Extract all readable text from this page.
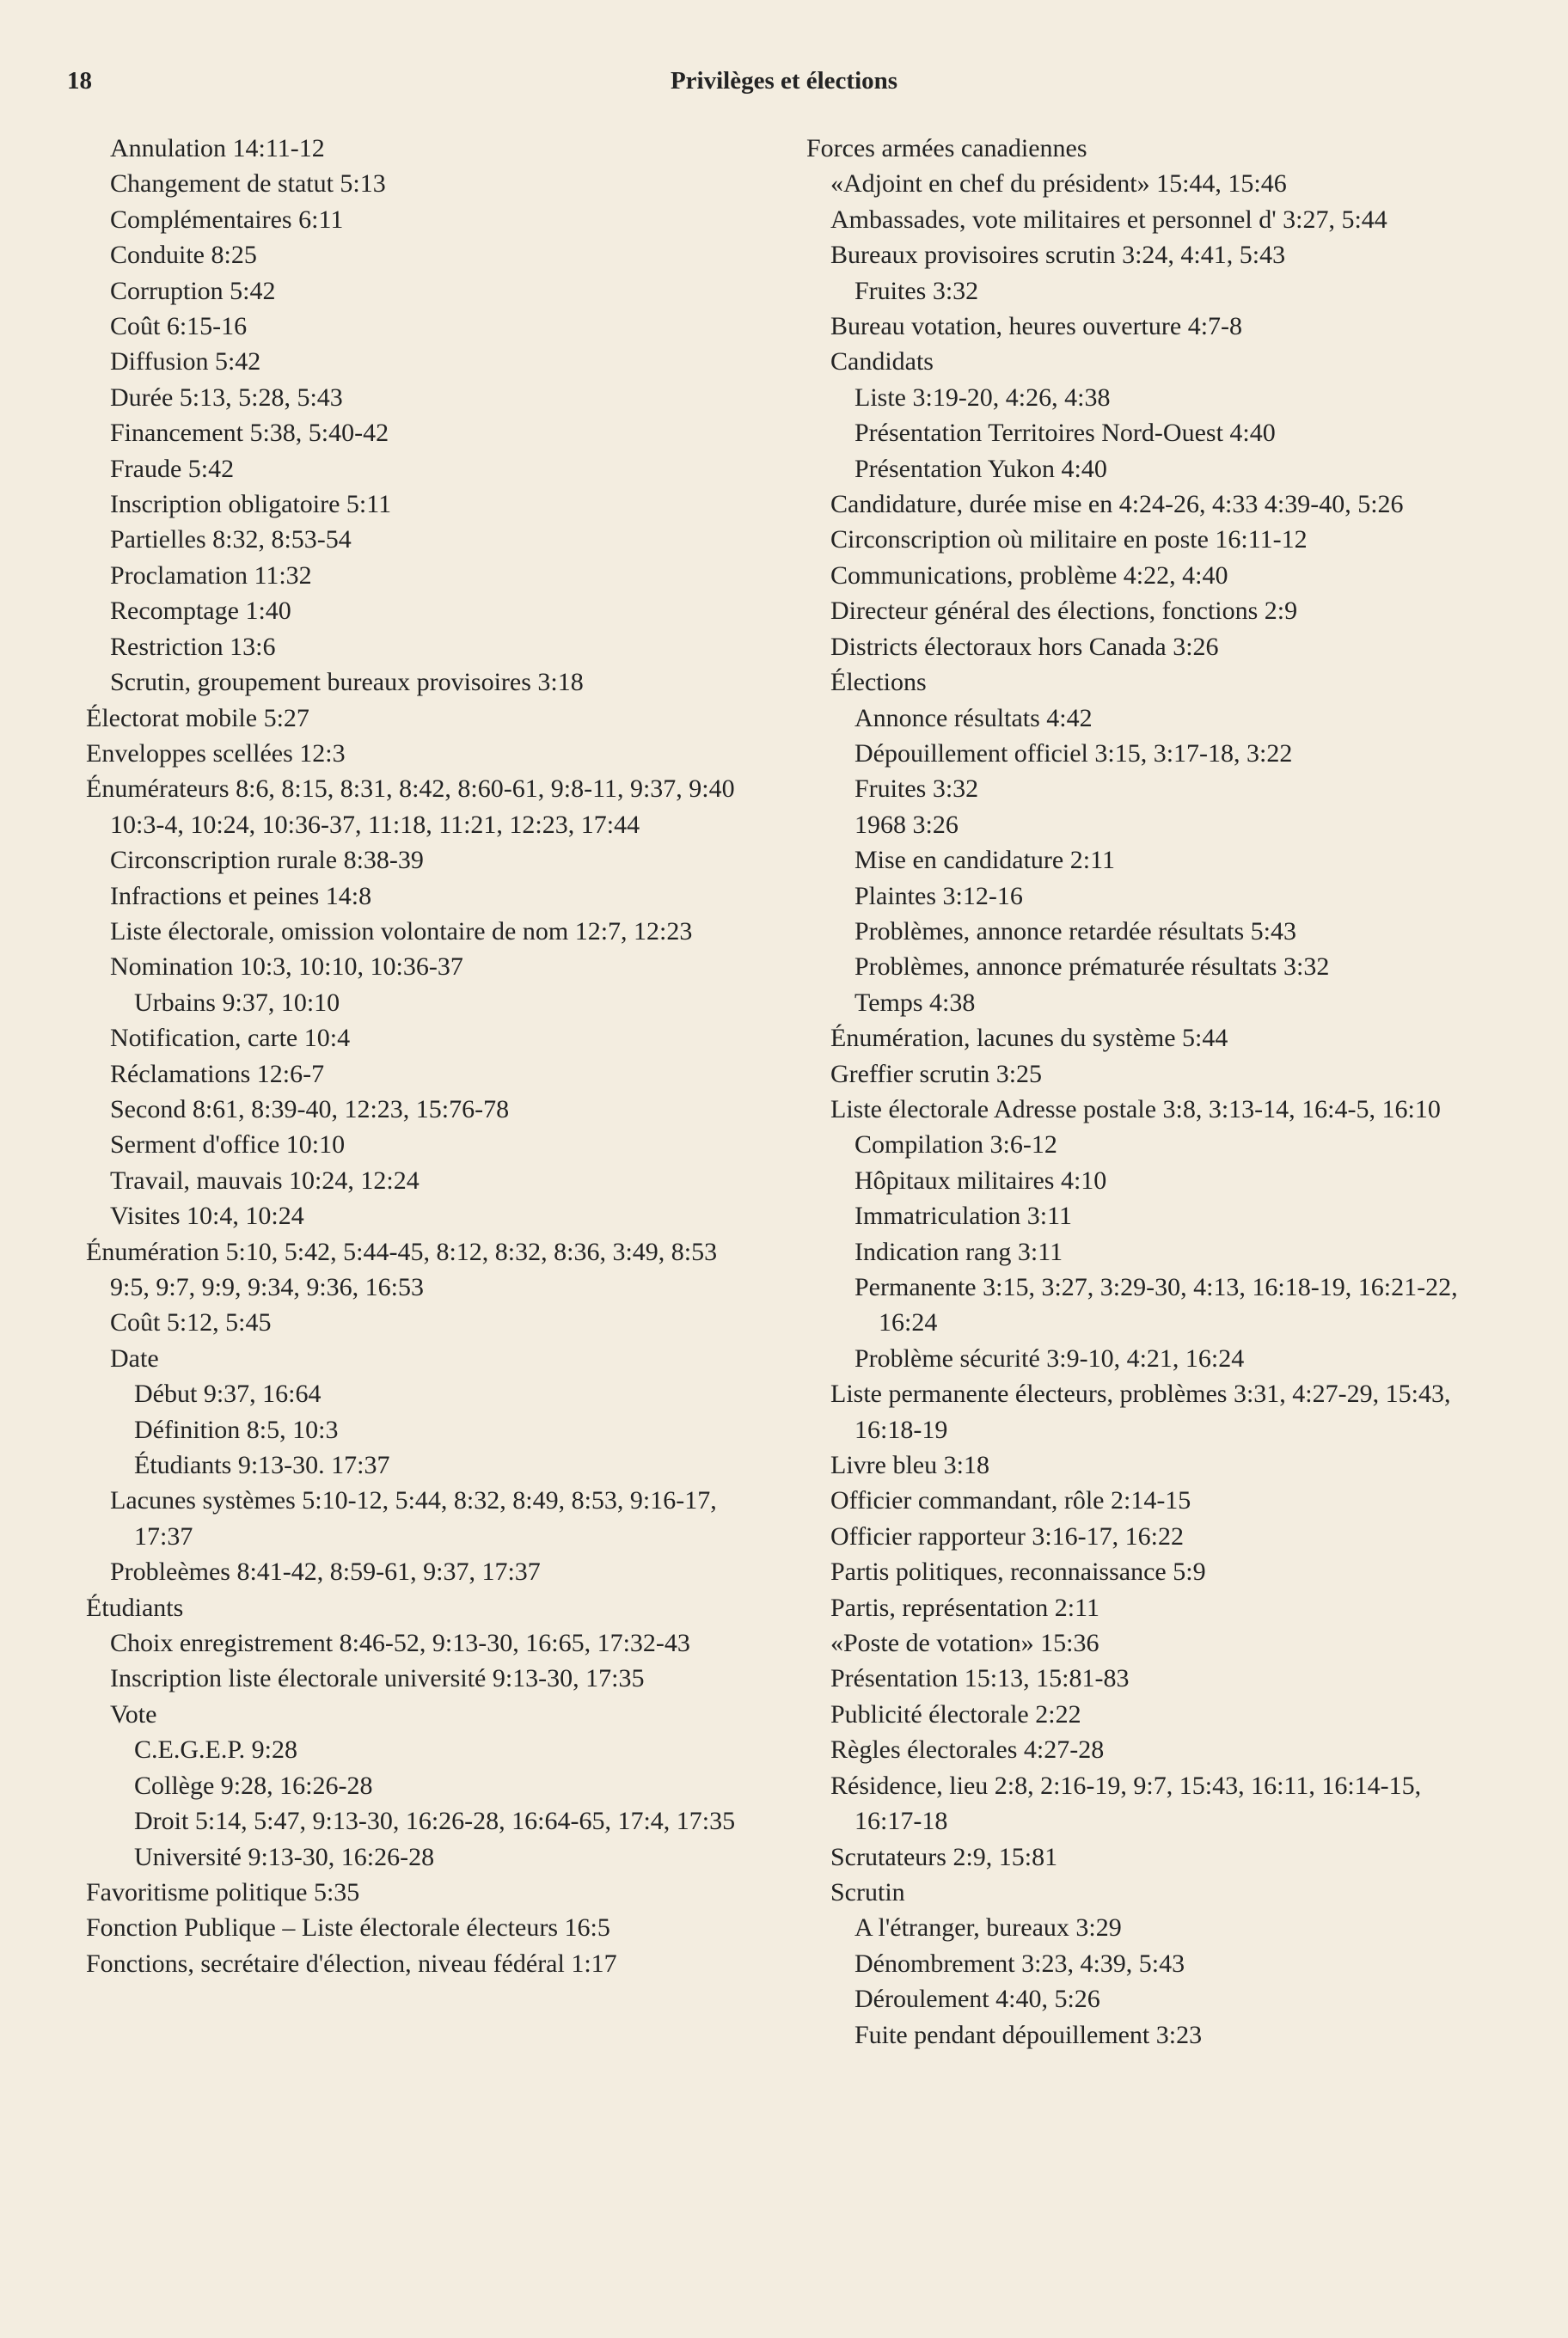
18	Privilèges et élections
Annulation 14:11-12
Changement de statut 5:13
Complémentaires 6:11
Conduite 8:25
Corruption 5:42
Coût 6:15-16
Diffusion 5:42
Durée 5:13, 5:28, 5:43
Financement 5:38, 5:40-42
Fraude 5:42
Inscription obligatoire 5:11
Partielles 8:32, 8:53-54
Proclamation 11:32
Recomptage 1:40
Restriction 13:6
Scrutin, groupement bureaux provisoires 3:18
Électorat mobile 5:27
Enveloppes scellées 12:3
Énumérateurs 8:6, 8:15, 8:31, 8:42, 8:60-61, 9:8-11, 9:37, 9:40 10:3-4, 10:24, 10:36-37, 11:18, 11:21, 12:23, 17:44
Circonscription rurale 8:38-39
Infractions et peines 14:8
Liste électorale, omission volontaire de nom 12:7, 12:23
Nomination 10:3, 10:10, 10:36-37
Urbains 9:37, 10:10
Notification, carte 10:4
Réclamations 12:6-7
Second 8:61, 8:39-40, 12:23, 15:76-78
Serment d'office 10:10
Travail, mauvais 10:24, 12:24
Visites 10:4, 10:24
Énumération 5:10, 5:42, 5:44-45, 8:12, 8:32, 8:36, 3:49, 8:53 9:5, 9:7, 9:9, 9:34, 9:36, 16:53
Coût 5:12, 5:45
Date
Début 9:37, 16:64
Définition 8:5, 10:3
Étudiants 9:13-30. 17:37
Lacunes systèmes 5:10-12, 5:44, 8:32, 8:49, 8:53, 9:16-17, 17:37
Probleèmes 8:41-42, 8:59-61, 9:37, 17:37
Étudiants
Choix enregistrement 8:46-52, 9:13-30, 16:65, 17:32-43
Inscription liste électorale université 9:13-30, 17:35
Vote
C.E.G.E.P. 9:28
Collège 9:28, 16:26-28
Droit 5:14, 5:47, 9:13-30, 16:26-28, 16:64-65, 17:4, 17:35
Université 9:13-30, 16:26-28
Favoritisme politique 5:35
Fonction Publique – Liste électorale électeurs 16:5
Fonctions, secrétaire d'élection, niveau fédéral 1:17
Forces armées canadiennes
«Adjoint en chef du président» 15:44, 15:46
Ambassades, vote militaires et personnel d' 3:27, 5:44
Bureaux provisoires scrutin 3:24, 4:41, 5:43
Fruites 3:32
Bureau votation, heures ouverture 4:7-8
Candidats
Liste 3:19-20, 4:26, 4:38
Présentation Territoires Nord-Ouest 4:40
Présentation Yukon 4:40
Candidature, durée mise en 4:24-26, 4:33 4:39-40, 5:26
Circonscription où militaire en poste 16:11-12
Communications, problème 4:22, 4:40
Directeur général des élections, fonctions 2:9
Districts électoraux hors Canada 3:26
Élections
Annonce résultats 4:42
Dépouillement officiel 3:15, 3:17-18, 3:22
Fruites 3:32
1968 3:26
Mise en candidature 2:11
Plaintes 3:12-16
Problèmes, annonce retardée résultats 5:43
Problèmes, annonce prématurée résultats 3:32
Temps 4:38
Énumération, lacunes du système 5:44
Greffier scrutin 3:25
Liste électorale Adresse postale 3:8, 3:13-14, 16:4-5, 16:10
Compilation 3:6-12
Hôpitaux militaires 4:10
Immatriculation 3:11
Indication rang 3:11
Permanente 3:15, 3:27, 3:29-30, 4:13, 16:18-19, 16:21-22, 16:24
Problème sécurité 3:9-10, 4:21, 16:24
Liste permanente électeurs, problèmes 3:31, 4:27-29, 15:43, 16:18-19
Livre bleu 3:18
Officier commandant, rôle 2:14-15
Officier rapporteur 3:16-17, 16:22
Partis politiques, reconnaissance 5:9
Partis, représentation 2:11
«Poste de votation» 15:36
Présentation 15:13, 15:81-83
Publicité électorale 2:22
Règles électorales 4:27-28
Résidence, lieu 2:8, 2:16-19, 9:7, 15:43, 16:11, 16:14-15, 16:17-18
Scrutateurs 2:9, 15:81
Scrutin
A l'étranger, bureaux 3:29
Dénombrement 3:23, 4:39, 5:43
Déroulement 4:40, 5:26
Fuite pendant dépouillement 3:23
